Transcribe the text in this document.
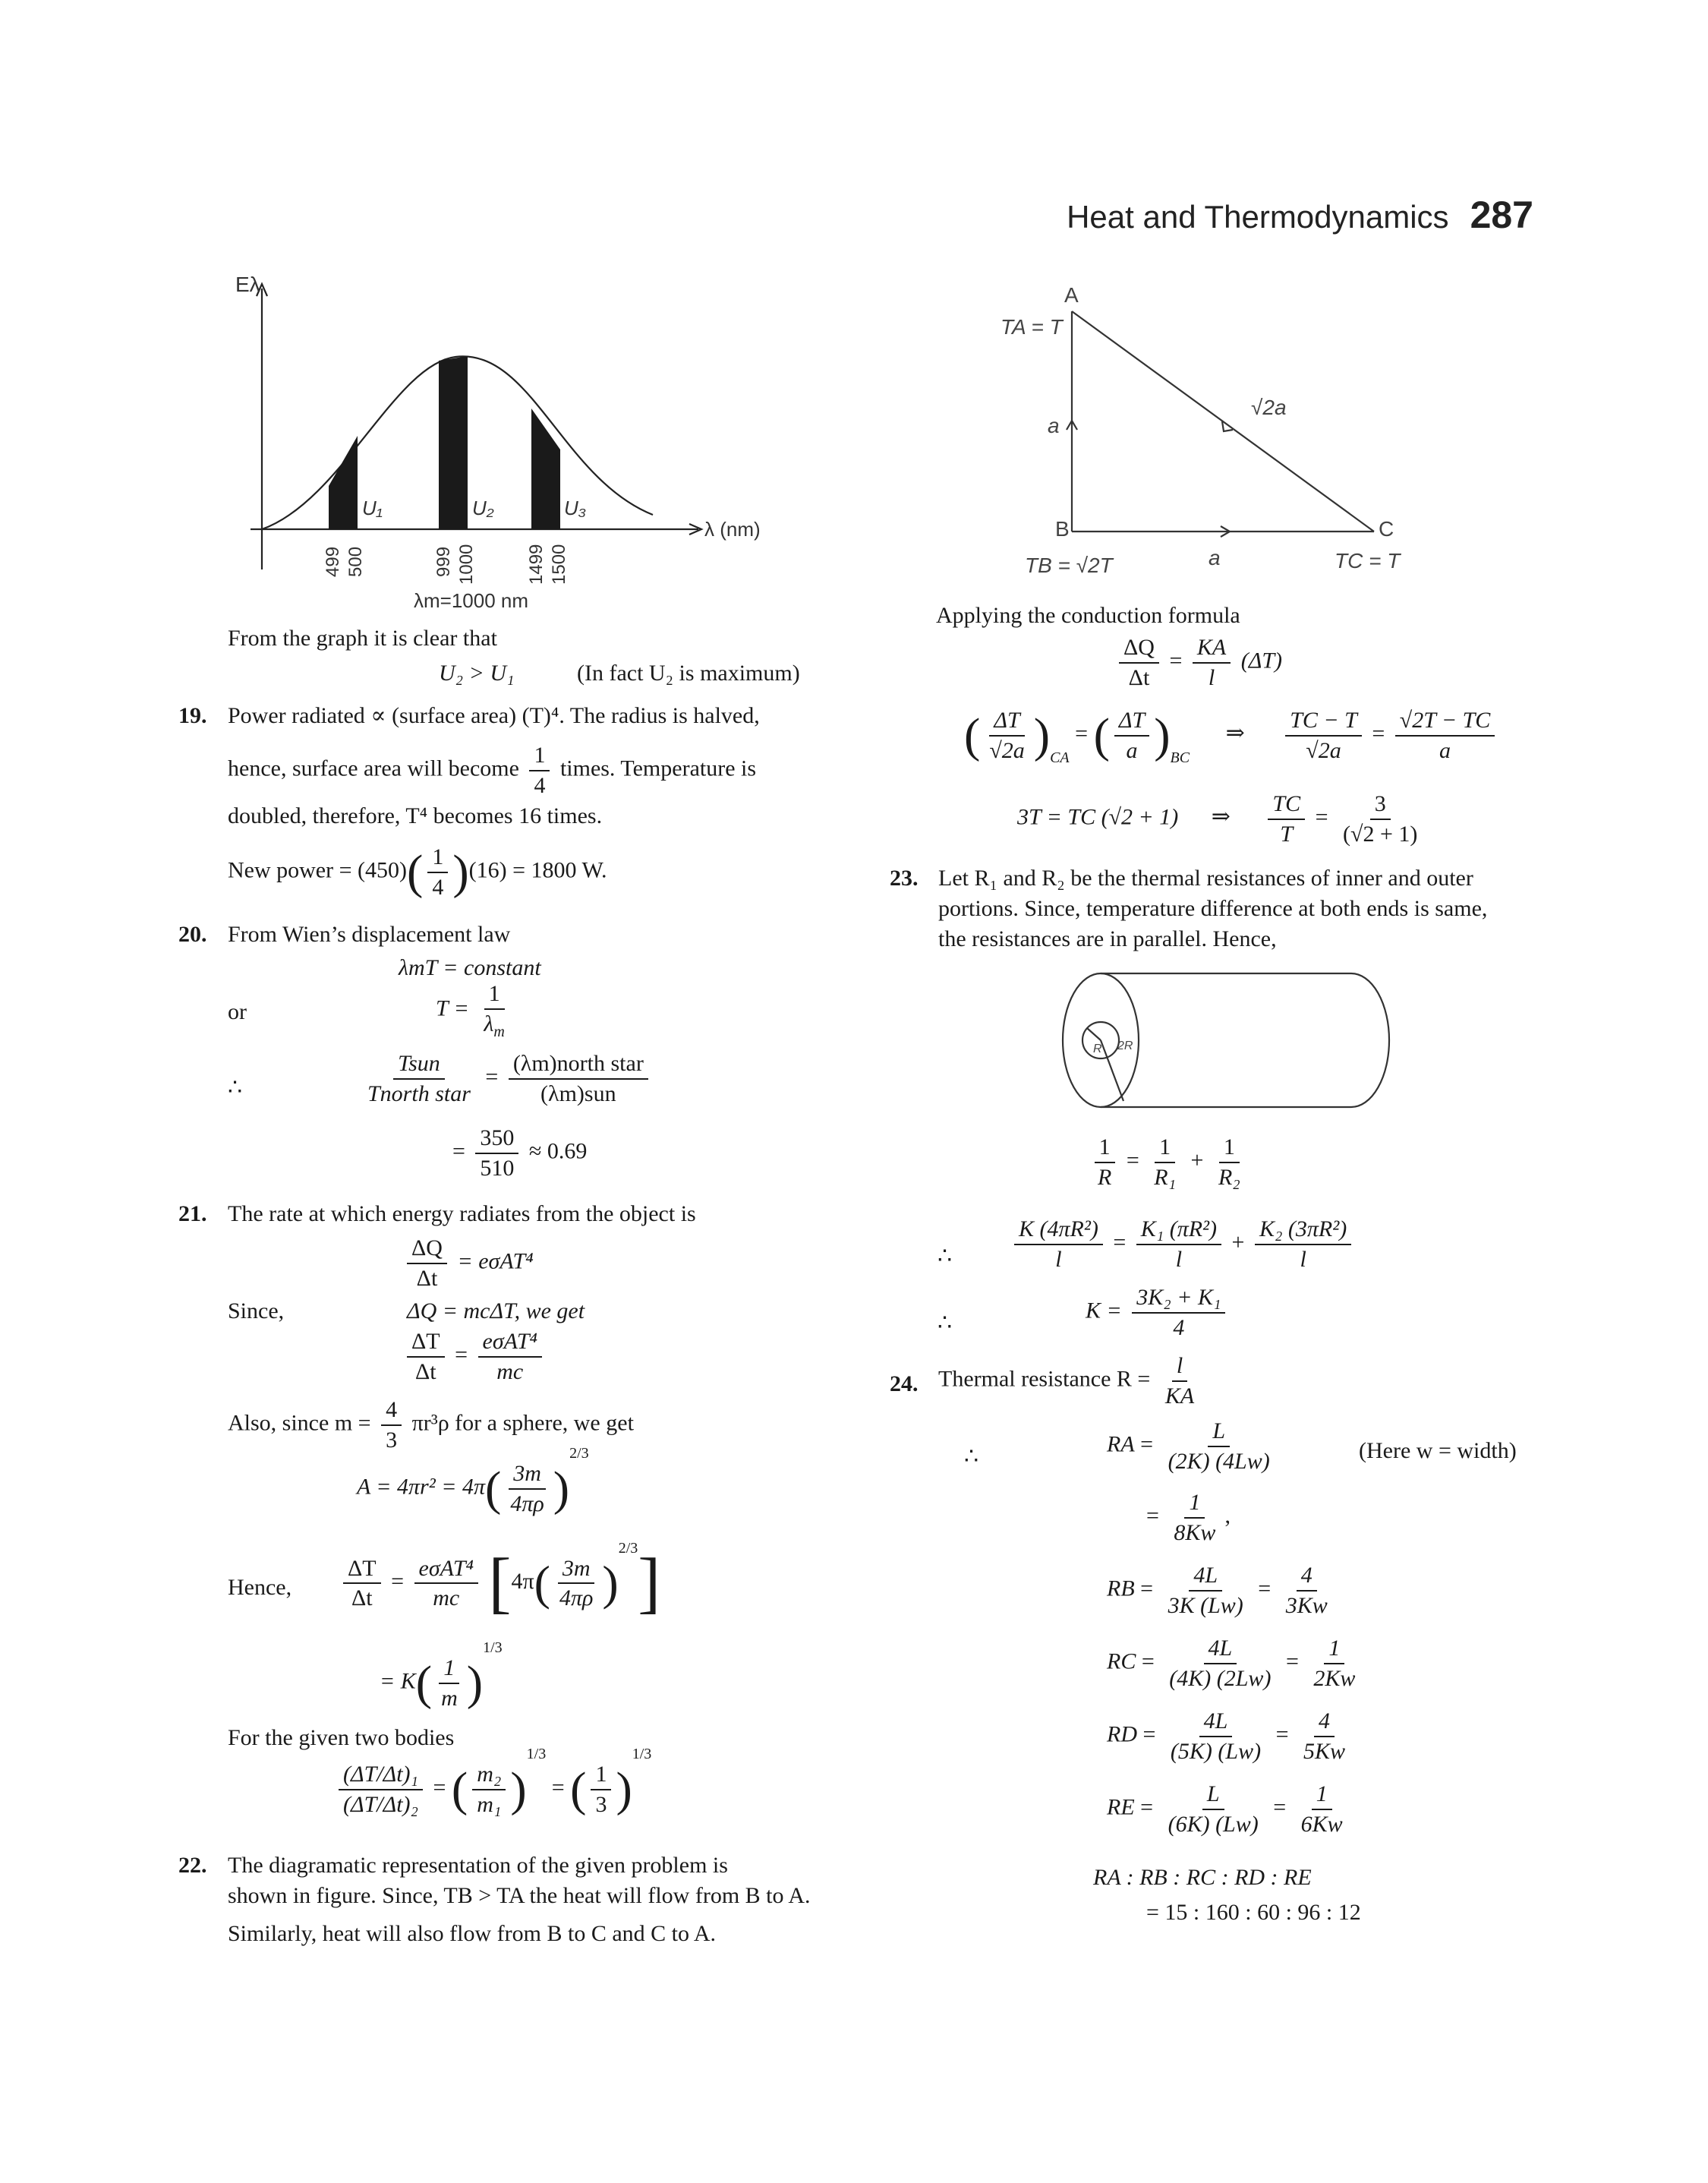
Heat and Thermodynamics 287
Eλ
λ (nm)
U₁	U₂	U₃
499 500	999 1000	1499 1500
λm=1000 nm
From the graph it is clear that
U₂ > U₁	(In fact U₂ is maximum)
19. Power radiated ∝ (surface area) (T)⁴. The radius is halved,
hence, surface area will become $\frac{1}{4}$ times. Temperature is
doubled, therefore, T⁴ becomes 16 times.
New power = $(450)( \frac{1}{4} )(16) = 1800$ W.
20. From Wien’s displacement law
λmT = constant
or	$T = \frac{1}{\lambda_m}$
∴	$\frac{\text{Tsun}}{\text{Tnorth star}} = \frac{\text{(λm)north star}}{\text{(λm)sun}}$
= $\frac{350}{510} \approx 0.69$
21. The rate at which energy radiates from the object is
$\frac{\Delta Q}{\Delta t} = e\sigma AT^4$
Since,	ΔQ = mcΔT, we get
$\frac{\Delta T}{\Delta t} = \frac{\text{eσAT⁴}}{mc}$
Also, since $m = \frac{4}{3} \pi r^3\rho$ for a sphere, we get
$A = 4\pi r^2 = 4\pi( \frac{3m}{4\pi\rho} )^{2/3}$
Hence, $\frac{\Delta T}{\Delta t} = \frac{\text{eσAT⁴}}{mc} [4\pi( \frac{3m}{4\pi\rho} )^{2/3}]$
= $K( \frac{1}{m} )^{1/3}$
For the given two bodies
$\frac{\text{(ΔT/Δt)₁}}{\text{(ΔT/Δt)₂}}$ = ( $\frac{\text{m₂}}{\text{m₁}} )^{1/3}$ = ( $\frac{1}{3} )^{1/3}$
22. The diagramatic representation of the given problem is
shown in figure. Since, TB > TA the heat will flow from B to A.
Similarly, heat will also flow from B to C and C to A.
A
TA = T
a
√2a
B
TB = √2T	a
C
TC = T
Applying the conduction formula
$\frac{\Delta Q}{\Delta t} = \frac{KA}{l} (\Delta T)$
( $\frac{\Delta T}{√2a} )_{CA}$ = ( $\frac{\Delta T}{a} )_{BC}$ ⇒ $\frac{TC - T}{√2a} = \frac{√2T - TC}{a}$
3T = TC (√2 + 1) ⇒ $\frac{TC}{T} = \frac{3}{(√2 + 1)}$
23. Let R₁ and R₂ be the thermal resistances of inner and outer
portions. Since, temperature difference at both ends is same,
the resistances are in parallel. Hence,
R 2R
$\frac{1}{R} = \frac{1}{\text{R₁}} + \frac{1}{\text{R₂}}$
∴	$\frac{\text{K (4πR²)}}{l} = \frac{\text{K₁ (πR²)}}{l} + \frac{\text{K₂ (3πR²)}}{l}$
∴
$K = \frac{\text{3K₂ + K₁}}{4}$
24. Thermal resistance $R = \frac{l}{KA}$
∴	(Here w = width)
RA = $\frac{L}{(2K) (4Lw)}$
= $\frac{1}{8Kw}$ ,
RB = $\frac{4L}{3K (Lw)} = \frac{4}{3Kw}$
RC = $\frac{4L}{(4K) (2Lw)} = \frac{1}{2Kw}$
RD = $\frac{4L}{(5K) (Lw)} = \frac{4}{5Kw}$
RE = $\frac{L}{(6K) (Lw)} = \frac{1}{6Kw}$
RA : RB : RC : RD : RE
= 15 : 160 : 60 : 96 : 12
